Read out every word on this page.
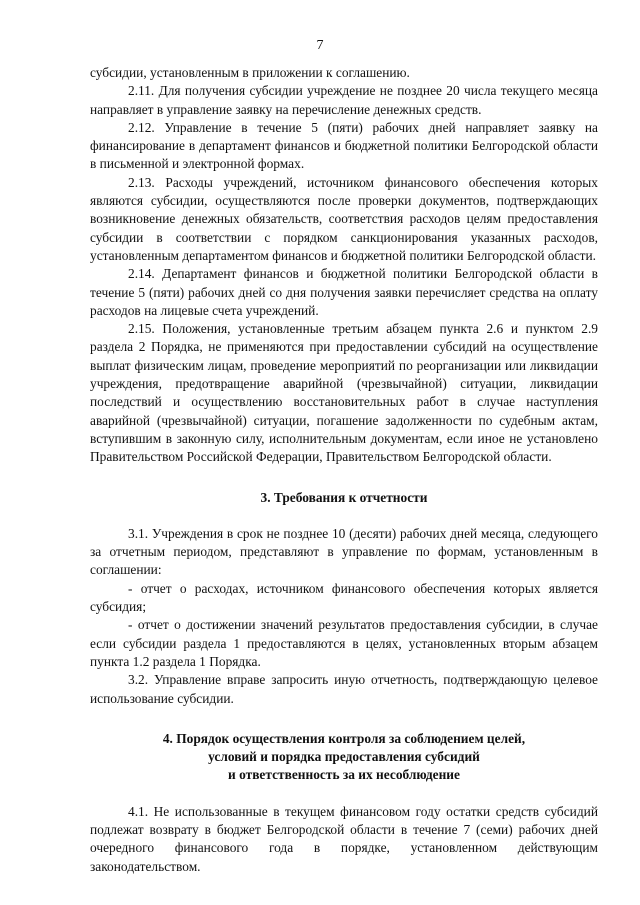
7

субсидии, установленным в приложении к соглашению.

2.11. Для получения субсидии учреждение не позднее 20 числа текущего месяца направляет в управление заявку на перечисление денежных средств.

2.12. Управление в течение 5 (пяти) рабочих дней направляет заявку на финансирование в департамент финансов и бюджетной политики Белгородской области в письменной и электронной формах.

2.13. Расходы учреждений, источником финансового обеспечения которых являются субсидии, осуществляются после проверки документов, подтверждающих возникновение денежных обязательств, соответствия расходов целям предоставления субсидии в соответствии с порядком санкционирования указанных расходов, установленным департаментом финансов и бюджетной политики Белгородской области.

2.14. Департамент финансов и бюджетной политики Белгородской области в течение 5 (пяти) рабочих дней со дня получения заявки перечисляет средства на оплату расходов на лицевые счета учреждений.

2.15. Положения, установленные третьим абзацем пункта 2.6 и пунктом 2.9 раздела 2 Порядка, не применяются при предоставлении субсидий на осуществление выплат физическим лицам, проведение мероприятий по реорганизации или ликвидации учреждения, предотвращение аварийной (чрезвычайной) ситуации, ликвидации последствий и осуществлению восстановительных работ в случае наступления аварийной (чрезвычайной) ситуации, погашение задолженности по судебным актам, вступившим в законную силу, исполнительным документам, если иное не установлено Правительством Российской Федерации, Правительством Белгородской области.

3. Требования к отчетности

3.1. Учреждения в срок не позднее 10 (десяти) рабочих дней месяца, следующего за отчетным периодом, представляют в управление по формам, установленным в соглашении:

- отчет о расходах, источником финансового обеспечения которых является субсидия;

- отчет о достижении значений результатов предоставления субсидии, в случае если субсидии раздела 1 предоставляются в целях, установленных вторым абзацем пункта 1.2 раздела 1 Порядка.

3.2. Управление вправе запросить иную отчетность, подтверждающую целевое использование субсидии.

4. Порядок осуществления контроля за соблюдением целей,

условий и порядка предоставления субсидий

и ответственность за их несоблюдение

4.1. Не использованные в текущем финансовом году остатки средств субсидий подлежат возврату в бюджет Белгородской области в течение 7 (семи) рабочих дней очередного финансового года в порядке, установленном действующим законодательством.
